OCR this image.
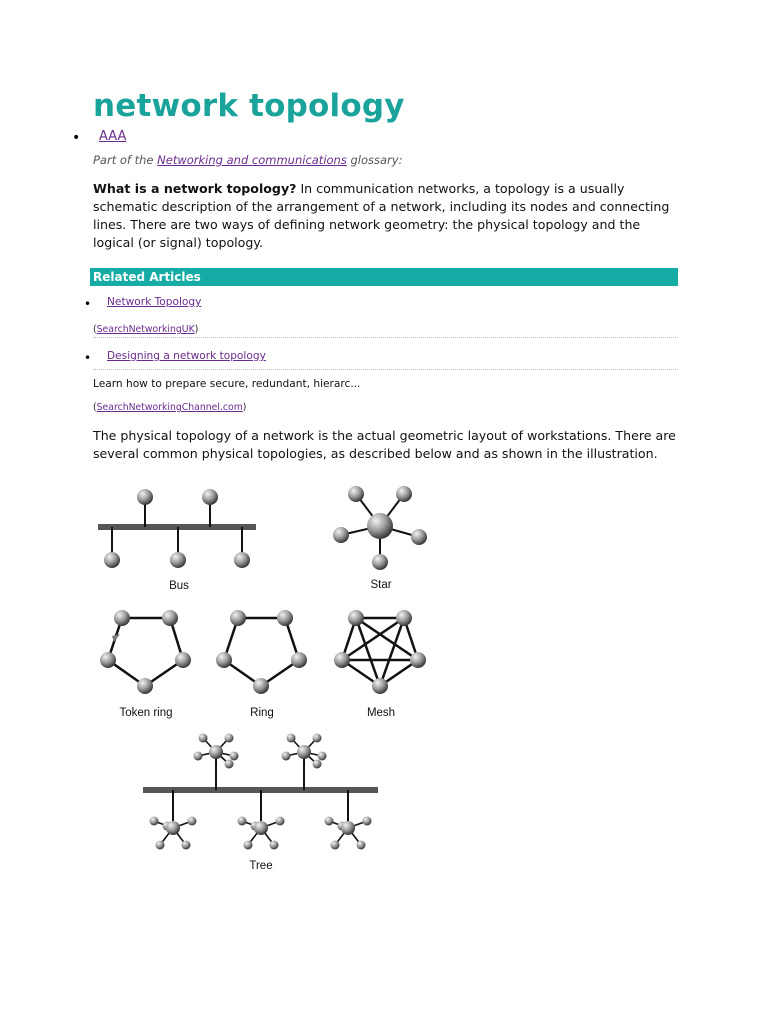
network topology
• AAA
Part of the Networking and communications glossary:

What is a network topology? In communication networks, a topology is a usually schematic description of the arrangement of a network, including its nodes and connecting lines. There are two ways of defining network geometry: the physical topology and the logical (or signal) topology.

Related Articles
• Network Topology
(SearchNetworkingUK)
• Designing a network topology
Learn how to prepare secure, redundant, hierarc...
(SearchNetworkingChannel.com)

The physical topology of a network is the actual geometric layout of workstations. There are several common physical topologies, as described below and as shown in the illustration.

Bus	Star
Token ring	Ring	Mesh
Tree
